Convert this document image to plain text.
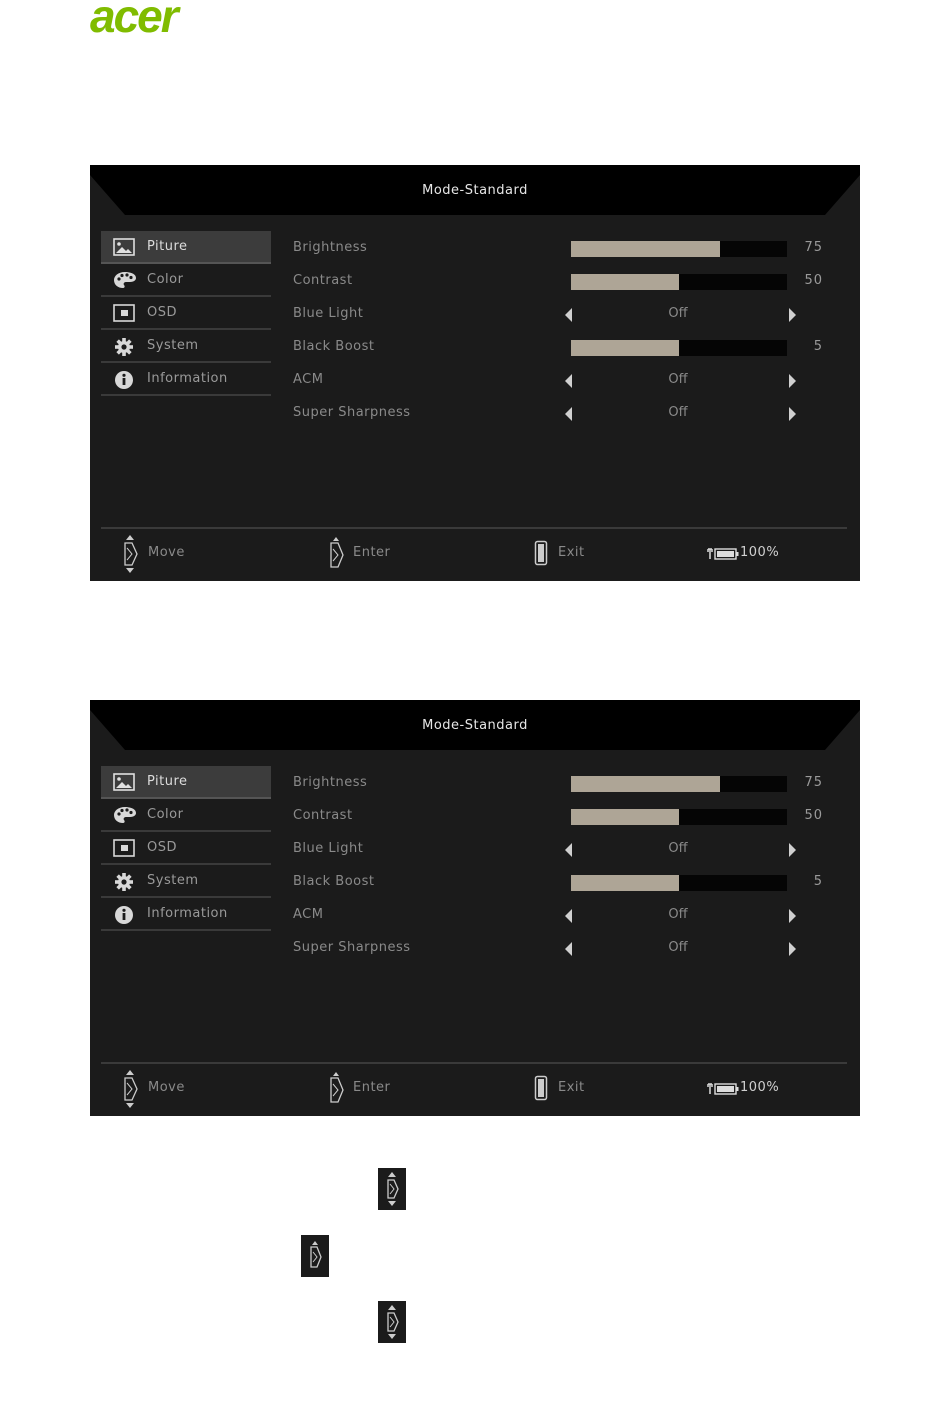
acer
Mode-Standard
Piture
Color
OSD
System
Information
Brightness	75
Contrast	50
Blue Light	Off
Black Boost	5
ACM	Off
Super Sharpness	Off
Move	Enter	Exit	100%
Mode-Standard
Piture
Color
OSD
System
Information
Brightness	75
Contrast	50
Blue Light	Off
Black Boost	5
ACM	Off
Super Sharpness	Off
Move	Enter	Exit	100%
